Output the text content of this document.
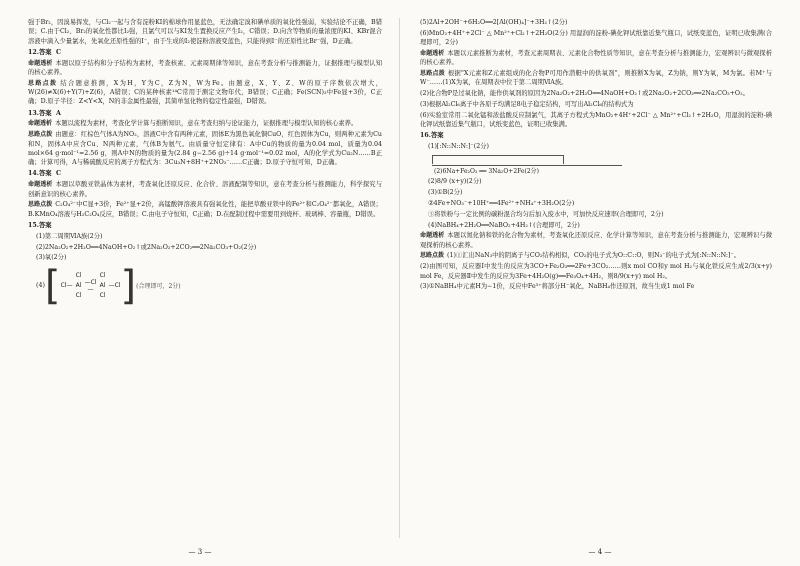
强于Br₂，因溴易挥发，与Cl₂一起与含有淀粉KI的棉球作用显蓝色，无法确定溴和碘单质的氧化性强弱，实验结论不正确，B错误；C.由于Cl₂、Br₂的氧化性都比I₂强，且氯气可以与KI发生置换反应产生I₂，C错误；D.向含等物质的量浓度的KI、KBr混合溶液中滴入少量氯水，先氧化还原性强的I⁻，由于生成的I₂使淀粉溶液变蓝色，只能得到I⁻的还原性比Br⁻强，D正确。

12.答案 C

命题透析 本题以原子结构和分子结构为素材，考查核素、元素周期律等知识，意在考查分析与推测能力，证据推理与模型认知的核心素养。

思路点拨 结合题意推测，X为H，Y为C，Z为N，W为Fe。由题意，X、Y、Z、W的原子序数依次增大，W(26)≠X(6)+Y(7)+Z(6)，A错误；C的某种核素¹⁴C常用于测定文物年代，B错误；C正确；Fe(SCN)₃中Fe显+3价，C正确；D.原子半径：Z<Y<X，N的非金属性最强，其简单氢化物的稳定性最强，D错误。

13.答案 A

命题透析 本题以流程为素材，考查化学计算与推断知识，意在考查归纳与论证能力，证据推理与模型认知的核心素养。

思路点拨 由题意：红棕色气体A为NO₂，溶液C中含有两种元素，固体E为黑色氧化铜CuO，红色固体为Cu，则两种元素为Cu和N，固体A中应含Cu、N两种元素，气体B为氨气。由质量守恒定律有：A中Cu的物质的量为0.04 mol，质量为0.04 mol×64 g·mol⁻¹=2.56 g，则A中N的物质的量为(2.84 g−2.56 g)÷14 g·mol⁻¹=0.02 mol，A的化学式为Cu₂N……B正确；计算可得，A与稀硫酸反应的离子方程式为：3Cu₃N+8H⁺+2NO₃⁻……C正确；D.原子守恒可知，D正确。

14.答案 C

命题透析 本题以草酸亚铁晶体为素材，考查氧化还原反应、化合价、溶液配制等知识，意在考查分析与推测能力，科学探究与创新意识的核心素养。

思路点拨 C₂O₄²⁻中C显+3价，Fe²⁺显+2价，高锰酸钾溶液具有强氧化性，能把草酸亚铁中的Fe²⁺和C₂O₄²⁻都氧化，A错误；B.KMnO₄溶液与H₂C₂O₄反应，B错误；C.由电子守恒知，C正确；D.在配制过程中需要用到烧杯、玻璃棒、容量瓶，D错误。

15.答案

(1)第二周期ⅥA族(2分)

(2)2Na₂O₂+2H₂O══4NaOH+O₂↑或2Na₂O₂+2CO₂══2Na₂CO₃+O₂(2分)

(3)氧(2分)

(4) [	Cl	Cl
Cl— Al —Cl—	Al —Cl
Cl	Cl ] (合理即可，2分)
— 3 —

(5)2Al+2OH⁻+6H₂O══2[Al(OH)₄]⁻+3H₂↑(2分)

(6)MnO₂+4H⁺+2Cl⁻ △ Mn²⁺+Cl₂↑+2H₂O(2分) 用湿润的淀粉-碘化钾试纸靠近集气瓶口，试纸变蓝色，证明已收集满(合理即可，2分)

命题透析 本题以元素推断为素材，考查元素周期表、元素化合物性质等知识，意在考查分析与推测能力，宏观辨识与微观探析的核心素养。

思路点拨 根据"X元素和Z元素组成的化合物P可用作潜艇中的供氧剂"，则推断X为氧，Z为钠，则Y为氧，M为氯。若M⁺与W⁻……(1)X为氧，在周期表中位于第二周期ⅥA族。

(2)化合物P是过氧化钠，能作供氧剂的原因为2Na₂O₂+2H₂O══4NaOH+O₂↑或2Na₂O₂+2CO₂══2Na₂CO₃+O₂。

(3)根据Al₂Cl₆离子中各原子均满足8电子稳定结构，可写出Al₂Cl₆的结构式为

(6)实验室常用二氧化锰和浓盐酸反应制氯气，其离子方程式为MnO₂+4H⁺+2Cl⁻ △ Mn²⁺+Cl₂↑+2H₂O，用湿润的淀粉-碘化钾试纸靠近集气瓶口，试纸变蓝色，证明已收集满。

16.答案

(1)[:N::N::N:]⁻(2分)

(2)6Na+Fe₂O₃ ══ 3Na₂O+2Fe(2分)

(2)8/9 (x+y)(2分)

(3)①B(2分)

②4Fe+NO₃⁻+10H⁺══4Fe²⁺+NH₄⁺+3H₂O(2分)

③将铁粉与一定比例的碳粉混合均匀后加入废水中，可加快反应速率(合理即可，2分)

(4)NaBH₄+2H₂O══NaBO₂+4H₂↑(合理即可，2分)

命题透析 本题以氮化钠和铁的化合物为素材，考查氧化还原反应、化学计算等知识，意在考查分析与推测能力，宏观辨识与微观探析的核心素养。

思路点拨 (1)①汇出NaN₃中的阴离子与CO₂结构相似，CO₂的电子式为O::C::O，则N₃⁻的电子式为[:N::N::N:]⁻。

(2)由图可知，反应器Ⅰ中发生的反应为3CO+Fe₂O₃══2Fe+3CO₂……则x mol CO和y mol H₂与氧化铁反应生成2/3(x+y) mol Fe，反应器Ⅱ中发生的反应为3Fe+4H₂O(g)══Fe₃O₄+4H₂，则8/9(x+y) mol H₂。

(3)①NaBH₄中元素H为−1价，反应中Fe³⁺将部分H⁻氧化，NaBH₄作还原剂，故当生成1 mol Fe

— 4 —
